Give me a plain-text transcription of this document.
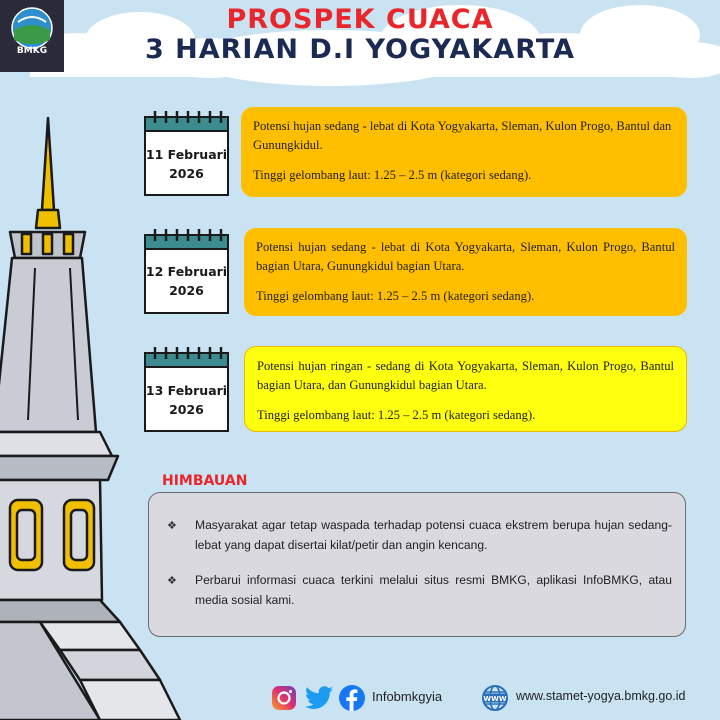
BMKG
PROSPEK CUACA
3 HARIAN D.I YOGYAKARTA
11 Februari
2026

Potensi hujan sedang - lebat di Kota Yogyakarta, Sleman, Kulon Progo, Bantul dan Gunungkidul.

Tinggi gelombang laut: 1.25 – 2.5 m (kategori sedang).

12 Februari
2026

Potensi hujan sedang - lebat di Kota Yogyakarta, Sleman, Kulon Progo, Bantul bagian Utara, Gunungkidul bagian Utara.

Tinggi gelombang laut: 1.25 – 2.5 m (kategori sedang).

13 Februari
2026

Potensi hujan ringan - sedang di Kota Yogyakarta, Sleman, Kulon Progo, Bantul bagian Utara, dan Gunungkidul bagian Utara.

Tinggi gelombang laut: 1.25 – 2.5 m (kategori sedang).

HIMBAUAN
❖ Masyarakat agar tetap waspada terhadap potensi cuaca ekstrem berupa hujan sedang-lebat yang dapat disertai kilat/petir dan angin kencang.
❖ Perbarui informasi cuaca terkini melalui situs resmi BMKG, aplikasi InfoBMKG, atau media sosial kami.
Infobmkgyia	WWW www.stamet-yogya.bmkg.go.id
